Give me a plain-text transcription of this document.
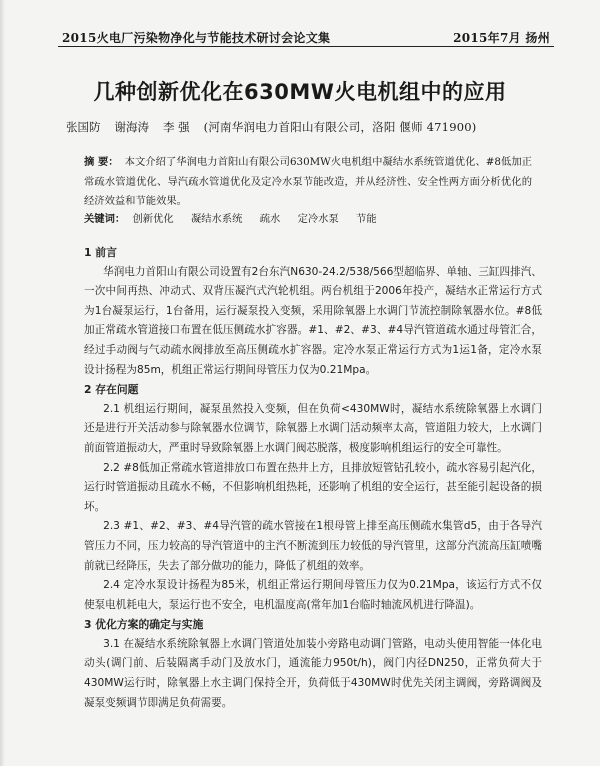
2015火电厂污染物净化与节能技术研讨会论文集	2015年7月 扬州
几种创新优化在630MW火电机组中的应用
张国防 谢海涛 李 强 (河南华润电力首阳山有限公司，洛阳 偃师 471900)
摘 要： 本文介绍了华润电力首阳山有限公司630MW火电机组中凝结水系统管道优化、#8低加正常疏水管道优化、导汽疏水管道优化及定冷水泵节能改造，并从经济性、安全性两方面分析优化的经济效益和节能效果。
关键词： 创新优化 凝结水系统 疏水 定冷水泵 节能
1 前言

华润电力首阳山有限公司设置有2台东汽N630-24.2/538/566型超临界、单轴、三缸四排汽、一次中间再热、冲动式、双背压凝汽式汽轮机组。两台机组于2006年投产，凝结水正常运行方式为1台凝泵运行，1台备用，运行凝泵投入变频，采用除氧器上水调门节流控制除氧器水位。#8低加正常疏水管道接口布置在低压侧疏水扩容器。#1、#2、#3、#4导汽管道疏水通过母管汇合，经过手动阀与气动疏水阀排放至高压侧疏水扩容器。定冷水泵正常运行方式为1运1备，定冷水泵设计扬程为85m，机组正常运行期间母管压力仅为0.21Mpa。

2 存在问题

2.1 机组运行期间，凝泵虽然投入变频，但在负荷<430MW时，凝结水系统除氧器上水调门还是进行开关活动参与除氧器水位调节，除氧器上水调门活动频率太高，管道阻力较大，上水调门前面管道振动大，严重时导致除氧器上水调门阀芯脱落，极度影响机组运行的安全可靠性。

2.2 #8低加正常疏水管道排放口布置在热井上方，且排放短管钻孔较小，疏水容易引起汽化，运行时管道振动且疏水不畅，不但影响机组热耗，还影响了机组的安全运行，甚至能引起设备的损坏。

2.3 #1、#2、#3、#4导汽管的疏水管接在1根母管上排至高压侧疏水集管d5，由于各导汽管压力不同，压力较高的导汽管道中的主汽不断流到压力较低的导汽管里，这部分汽流高压缸喷嘴前就已经降压，失去了部分做功的能力，降低了机组的效率。

2.4 定冷水泵设计扬程为85米，机组正常运行期间母管压力仅为0.21Mpa，该运行方式不仅使泵电机耗电大，泵运行也不安全，电机温度高(常年加1台临时轴流风机进行降温)。

3 优化方案的确定与实施

3.1 在凝结水系统除氧器上水调门管道处加装小旁路电动调门管路，电动头使用智能一体化电动头(调门前、后装隔离手动门及放水门，通流能力950t/h)，阀门内径DN250，正常负荷大于430MW运行时，除氧器上水主调门保持全开，负荷低于430MW时优先关闭主调阀，旁路调阀及凝泵变频调节即满足负荷需要。
